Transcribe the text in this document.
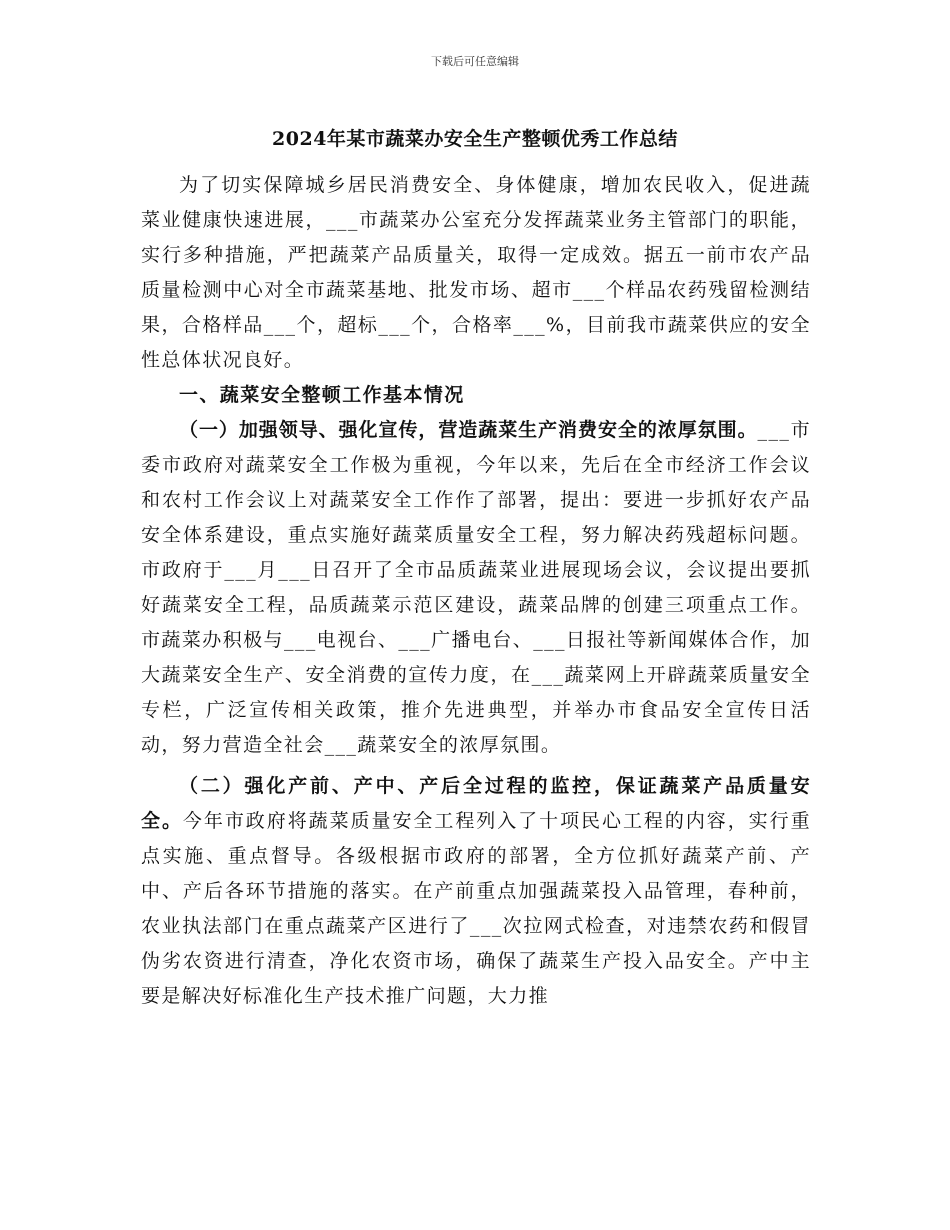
下载后可任意编辑
2024年某市蔬菜办安全生产整顿优秀工作总结

为了切实保障城乡居民消费安全、身体健康，增加农民收入，促进蔬菜业健康快速进展，___市蔬菜办公室充分发挥蔬菜业务主管部门的职能，实行多种措施，严把蔬菜产品质量关，取得一定成效。据五一前市农产品质量检测中心对全市蔬菜基地、批发市场、超市___个样品农药残留检测结果，合格样品___个，超标___个，合格率___%，目前我市蔬菜供应的安全性总体状况良好。

一、蔬菜安全整顿工作基本情况

（一）加强领导、强化宣传，营造蔬菜生产消费安全的浓厚氛围。___市委市政府对蔬菜安全工作极为重视，今年以来，先后在全市经济工作会议和农村工作会议上对蔬菜安全工作作了部署，提出：要进一步抓好农产品安全体系建设，重点实施好蔬菜质量安全工程，努力解决药残超标问题。市政府于___月___日召开了全市品质蔬菜业进展现场会议，会议提出要抓好蔬菜安全工程，品质蔬菜示范区建设，蔬菜品牌的创建三项重点工作。市蔬菜办积极与___电视台、___广播电台、___日报社等新闻媒体合作，加大蔬菜安全生产、安全消费的宣传力度，在___蔬菜网上开辟蔬菜质量安全专栏，广泛宣传相关政策，推介先进典型，并举办市食品安全宣传日活动，努力营造全社会___蔬菜安全的浓厚氛围。

（二）强化产前、产中、产后全过程的监控，保证蔬菜产品质量安全。今年市政府将蔬菜质量安全工程列入了十项民心工程的内容，实行重点实施、重点督导。各级根据市政府的部署，全方位抓好蔬菜产前、产中、产后各环节措施的落实。在产前重点加强蔬菜投入品管理，春种前，农业执法部门在重点蔬菜产区进行了___次拉网式检查，对违禁农药和假冒伪劣农资进行清查，净化农资市场，确保了蔬菜生产投入品安全。产中主要是解决好标准化生产技术推广问题，大力推
